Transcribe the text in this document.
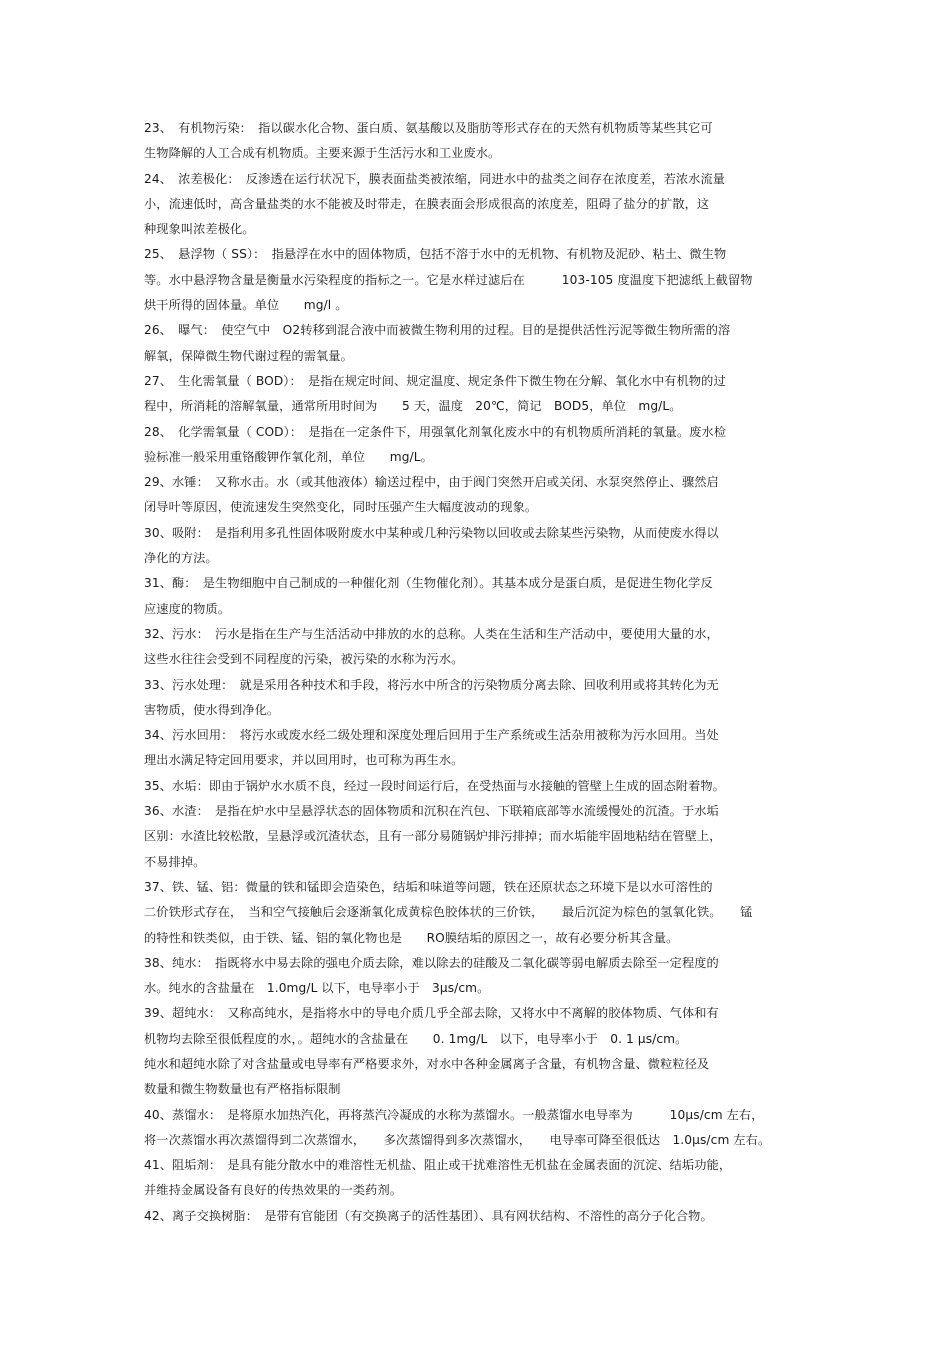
23、　有机物污染：　指以碳水化合物、蛋白质、氨基酸以及脂肪等形式存在的天然有机物质等某些其它可
生物降解的人工合成有机物质。主要来源于生活污水和工业废水。
24、　浓差极化：　反渗透在运行状况下，膜表面盐类被浓缩，同进水中的盐类之间存在浓度差，若浓水流量
小，流速低时，高含量盐类的水不能被及时带走，在膜表面会形成很高的浓度差，阻碍了盐分的扩散，这
种现象叫浓差极化。
25、　悬浮物（ SS）：　指悬浮在水中的固体物质，包括不溶于水中的无机物、有机物及泥砂、粘土、微生物
等。水中悬浮物含量是衡量水污染程度的指标之一。它是水样过滤后在　　　103-105 度温度下把滤纸上截留物
烘干所得的固体量。单位　　mg/l 。
26、　曝气：　使空气中　O2转移到混合液中而被微生物利用的过程。目的是提供活性污泥等微生物所需的溶
解氧，保障微生物代谢过程的需氧量。
27、　生化需氧量（ BOD）：　是指在规定时间、规定温度、规定条件下微生物在分解、氧化水中有机物的过
程中，所消耗的溶解氧量，通常所用时间为　　5 天，温度　20℃，简记　BOD5，单位　mg/L。
28、　化学需氧量（ COD）：　是指在一定条件下，用强氧化剂氧化废水中的有机物质所消耗的氧量。废水检
验标准一般采用重铬酸钾作氧化剂，单位　　mg/L。
29、水锤：　又称水击。水（或其他液体）输送过程中，由于阀门突然开启或关闭、水泵突然停止、骤然启
闭导叶等原因，使流速发生突然变化，同时压强产生大幅度波动的现象。
30、吸附：　是指利用多孔性固体吸附废水中某种或几种污染物以回收或去除某些污染物，从而使废水得以
净化的方法。
31、酶：　是生物细胞中自己制成的一种催化剂（生物催化剂）。其基本成分是蛋白质，是促进生物化学反
应速度的物质。
32、污水：　污水是指在生产与生活活动中排放的水的总称。人类在生活和生产活动中，要使用大量的水，
这些水往往会受到不同程度的污染，被污染的水称为污水。
33、污水处理：　就是采用各种技术和手段，将污水中所含的污染物质分离去除、回收利用或将其转化为无
害物质，使水得到净化。
34、污水回用：　将污水或废水经二级处理和深度处理后回用于生产系统或生活杂用被称为污水回用。当处
理出水满足特定回用要求，并以回用时，也可称为再生水。
35、水垢：即由于锅炉水水质不良，经过一段时间运行后，在受热面与水接触的管壁上生成的固态附着物。
36、水渣：　是指在炉水中呈悬浮状态的固体物质和沉积在汽包、下联箱底部等水流缓慢处的沉渣。于水垢
区别：水渣比较松散，呈悬浮或沉渣状态，且有一部分易随锅炉排污排掉；而水垢能牢固地粘结在管壁上，
不易排掉。
37、铁、锰、铝：微量的铁和锰即会造染色，结垢和味道等问题，铁在还原状态之环境下是以水可溶性的
二价铁形式存在，　当和空气接触后会逐渐氧化成黄棕色胶体状的三价铁，　　最后沉淀为棕色的氢氧化铁。　　锰
的特性和铁类似，由于铁、锰、铝的氧化物也是　　RO膜结垢的原因之一，故有必要分析其含量。
38、纯水：　指既将水中易去除的强电介质去除，难以除去的硅酸及二氧化碳等弱电解质去除至一定程度的
水。纯水的含盐量在　1.0mg/L 以下，电导率小于　3μs/cm。
39、超纯水：　又称高纯水，是指将水中的导电介质几乎全部去除，又将水中不离解的胶体物质、气体和有
机物均去除至很低程度的水，。超纯水的含盐量在　　0. 1mg/L　以下，电导率小于　0. 1 μs/cm。
纯水和超纯水除了对含盐量或电导率有严格要求外，对水中各种金属离子含量，有机物含量、微粒粒径及
数量和微生物数量也有严格指标限制
40、蒸馏水：　是将原水加热汽化，再将蒸汽冷凝成的水称为蒸馏水。一般蒸馏水电导率为　　　10μs/cm 左右，
将一次蒸馏水再次蒸馏得到二次蒸馏水，　　多次蒸馏得到多次蒸馏水，　　电导率可降至很低达　1.0μs/cm 左右。
41、阻垢剂：　是具有能分散水中的难溶性无机盐、阻止或干扰难溶性无机盐在金属表面的沉淀、结垢功能，
并维持金属设备有良好的传热效果的一类药剂。
42、离子交换树脂：　是带有官能团（有交换离子的活性基团）、具有网状结构、不溶性的高分子化合物。
